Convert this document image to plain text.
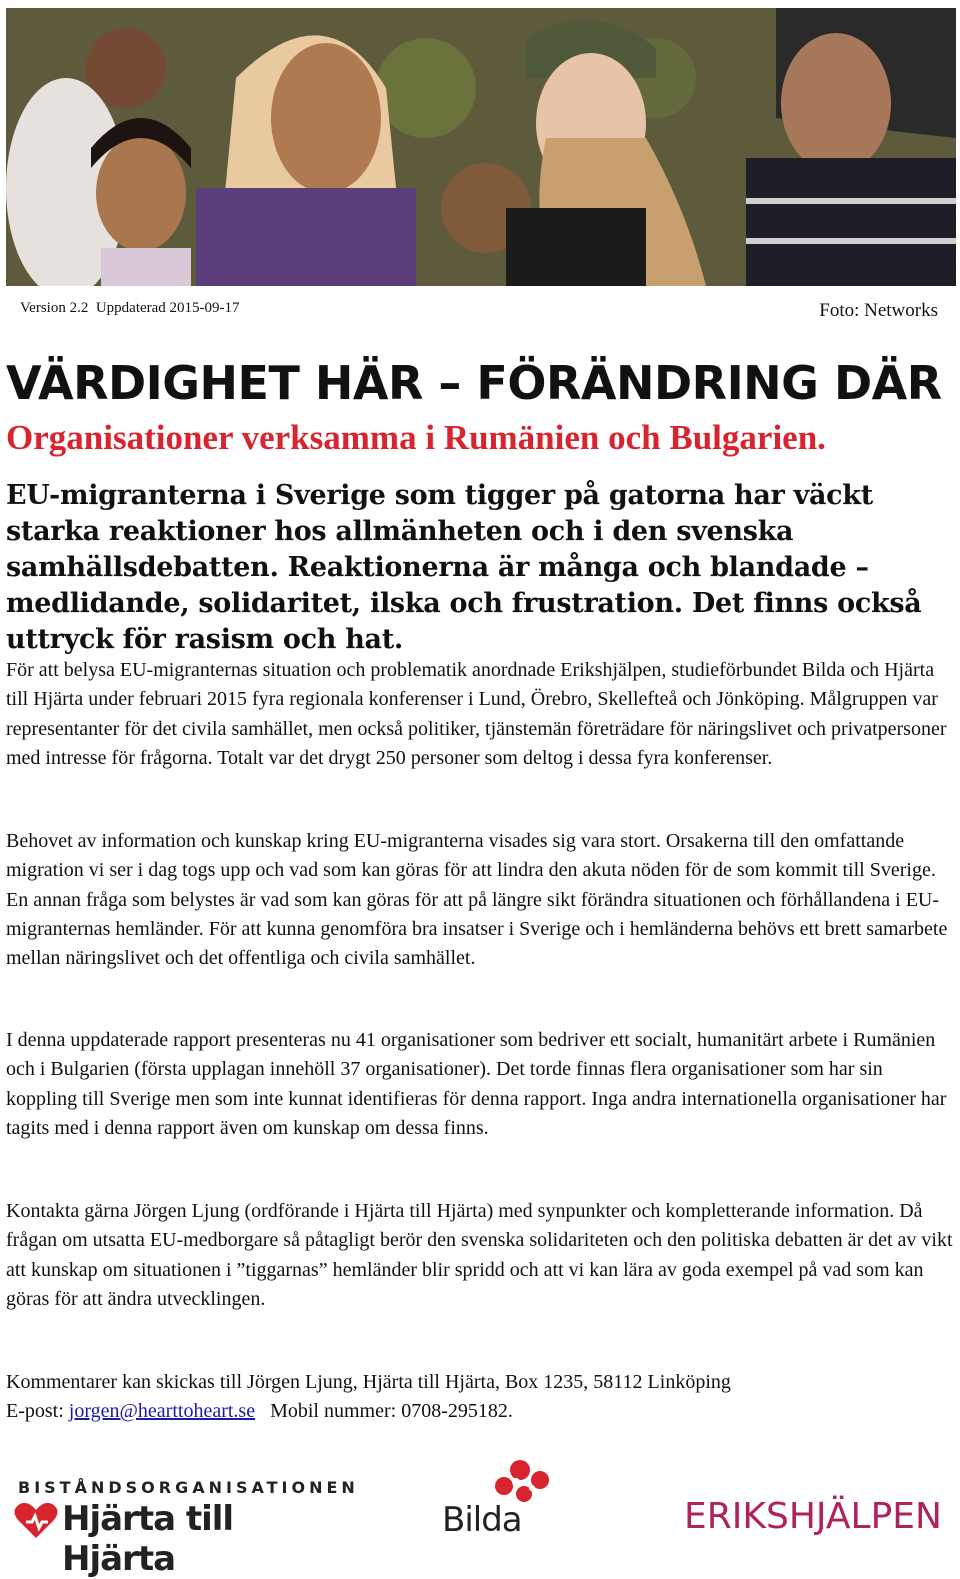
Version 2.2 Uppdaterad 2015-09-17	Foto: Networks
VÄRDIGHET HÄR – FÖRÄNDRING DÄR
Organisationer verksamma i Rumänien och Bulgarien.

EU-migranterna i Sverige som tigger på gatorna har väckt starka reaktioner hos allmänheten och i den svenska samhällsdebatten. Reaktionerna är många och blandade – medlidande, solidaritet, ilska och frustration. Det finns också uttryck för rasism och hat.

För att belysa EU-migranternas situation och problematik anordnade Erikshjälpen, studieförbundet Bilda och Hjärta till Hjärta under februari 2015 fyra regionala konferenser i Lund, Örebro, Skellefteå och Jönköping. Målgruppen var representanter för det civila samhället, men också politiker, tjänstemän företrädare för näringslivet och privatpersoner med intresse för frågorna. Totalt var det drygt 250 personer som deltog i dessa fyra konferenser.

Behovet av information och kunskap kring EU-migranterna visades sig vara stort. Orsakerna till den omfattande migration vi ser i dag togs upp och vad som kan göras för att lindra den akuta nöden för de som kommit till Sverige. En annan fråga som belystes är vad som kan göras för att på längre sikt förändra situationen och förhållandena i EU-migranternas hemländer. För att kunna genomföra bra insatser i Sverige och i hemländerna behövs ett brett samarbete mellan näringslivet och det offentliga och civila samhället.

I denna uppdaterade rapport presenteras nu 41 organisationer som bedriver ett socialt, humanitärt arbete i Rumänien och i Bulgarien (första upplagan innehöll 37 organisationer). Det torde finnas flera organisationer som har sin koppling till Sverige men som inte kunnat identifieras för denna rapport. Inga andra internationella organisationer har tagits med i denna rapport även om kunskap om dessa finns.

Kontakta gärna Jörgen Ljung (ordförande i Hjärta till Hjärta) med synpunkter och kompletterande information. Då frågan om utsatta EU-medborgare så påtagligt berör den svenska solidariteten och den politiska debatten är det av vikt att kunskap om situationen i ”tiggarnas” hemländer blir spridd och att vi kan lära av goda exempel på vad som kan göras för att ändra utvecklingen.

Kommentarer kan skickas till Jörgen Ljung, Hjärta till Hjärta, Box 1235, 58112 Linköping
E-post: jorgen@hearttoheart.se   Mobil nummer: 0708-295182.
BISTÅNDSORGANISATIONEN
Hjärta till Hjärta
Bilda	ERIKSHJÄLPEN
